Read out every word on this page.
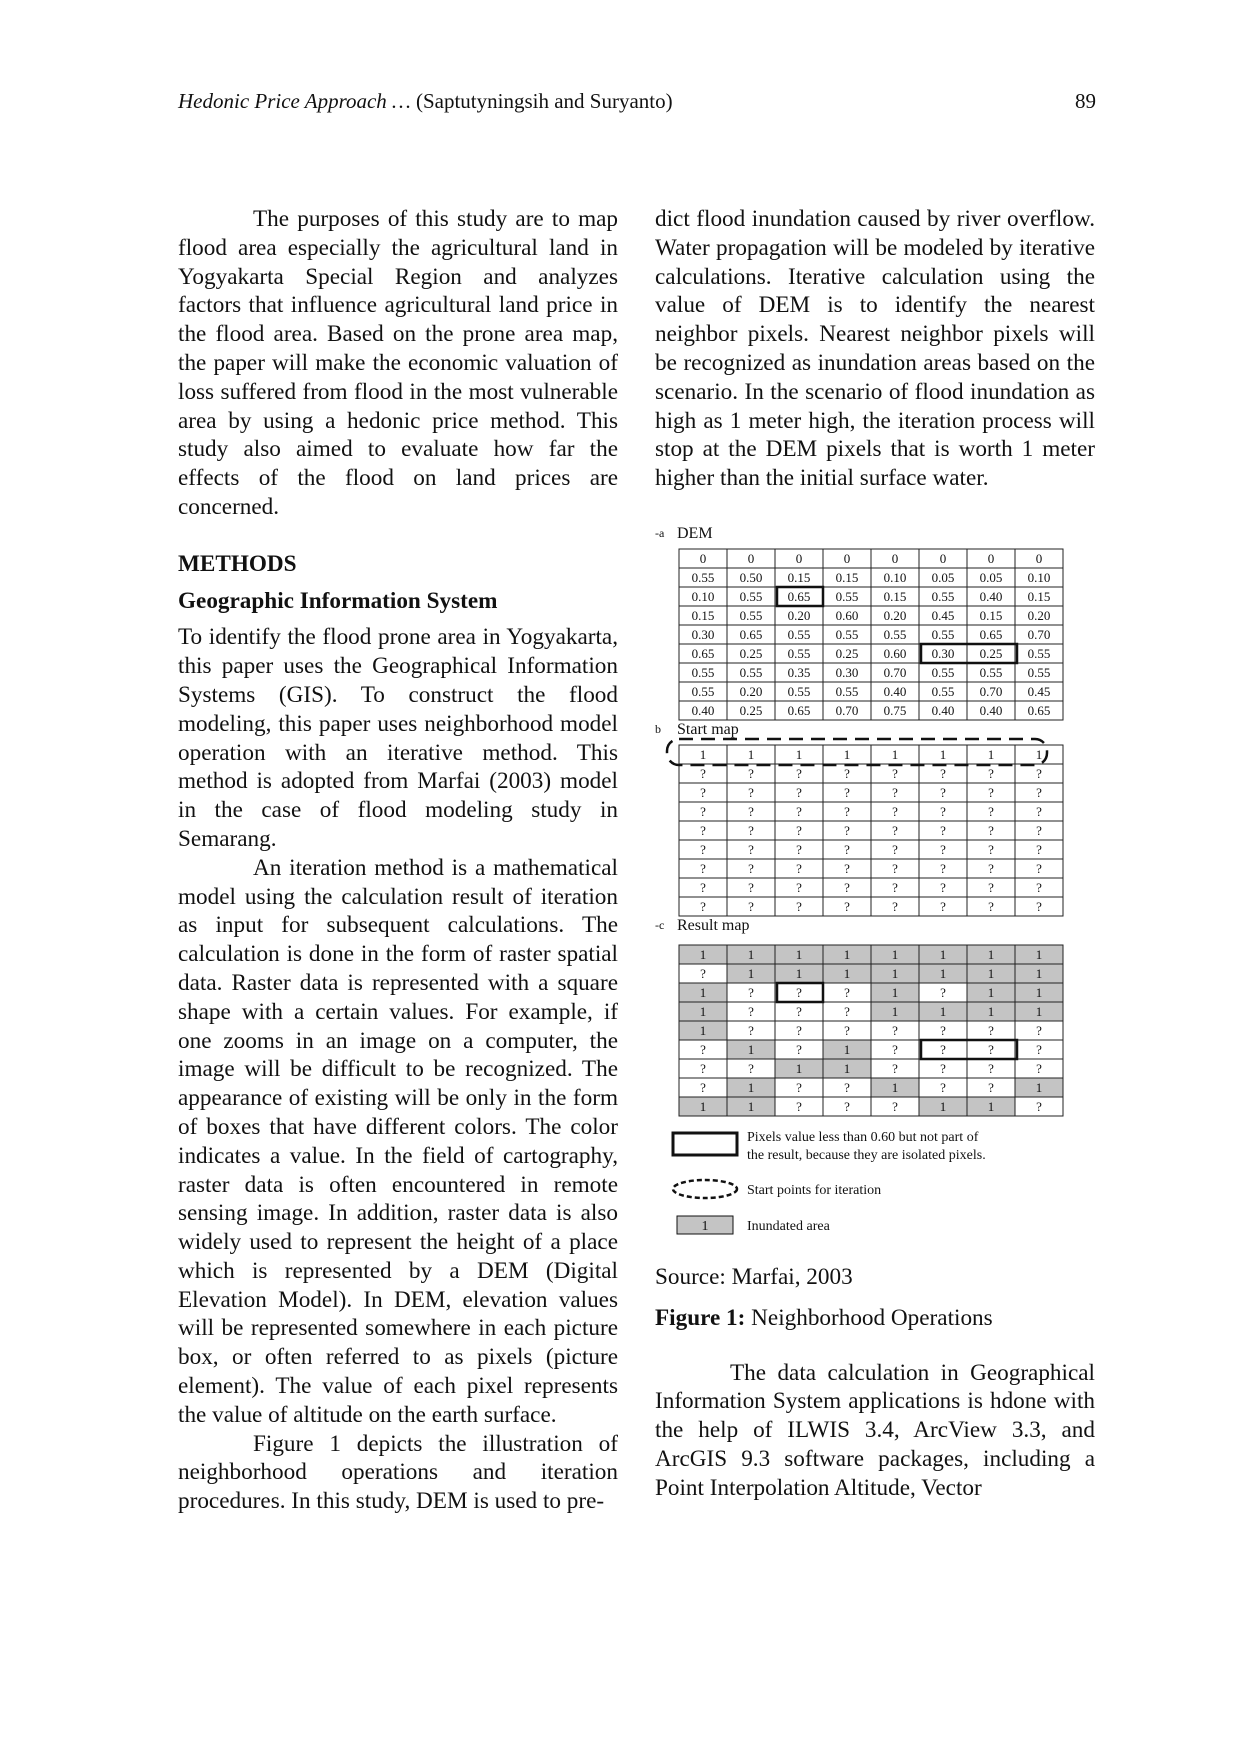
Hedonic Price Approach … (Saptutyningsih and Suryanto)	89

The purposes of this study are to map flood area especially the agricultural land in Yogyakarta Special Region and analyzes factors that influence agricultural land price in the flood area. Based on the prone area map, the paper will make the economic valuation of loss suffered from flood in the most vulnerable area by using a hedonic price method. This study also aimed to evaluate how far the effects of the flood on land prices are concerned.

METHODS
Geographic Information System

To identify the flood prone area in Yogyakarta, this paper uses the Geographical Information Systems (GIS). To construct the flood modeling, this paper uses neighborhood model operation with an iterative method. This method is adopted from Marfai (2003) model in the case of flood modeling study in Semarang.

An iteration method is a mathematical model using the calculation result of iteration as input for subsequent calculations. The calculation is done in the form of raster spatial data. Raster data is represented with a square shape with a certain values. For example, if one zooms in an image on a computer, the image will be difficult to be recognized. The appearance of existing will be only in the form of boxes that have different colors. The color indicates a value. In the field of cartography, raster data is often encountered in remote sensing image. In addition, raster data is also widely used to represent the height of a place which is represented by a DEM (Digital Elevation Model). In DEM, elevation values will be represented somewhere in each picture box, or often referred to as pixels (picture element). The value of each pixel represents the value of altitude on the earth surface.

Figure 1 depicts the illustration of neighborhood operations and iteration procedures. In this study, DEM is used to pre-

dict flood inundation caused by river overflow. Water propagation will be modeled by iterative calculations. Iterative calculation using the value of DEM is to identify the nearest neighbor pixels. Nearest neighbor pixels will be recognized as inundation areas based on the scenario. In the scenario of flood inundation as high as 1 meter high, the iteration process will stop at the DEM pixels that is worth 1 meter higher than the initial surface water.

-a DEM
b Start map
-c Result map
0	0	0	0	0	0	0	0
0.55 0.50 0.15 0.15 0.10 0.05 0.05 0.10
0.10 0.55 0.65 0.55 0.15 0.55 0.40 0.15
0.15 0.55 0.20 0.60 0.20 0.45 0.15 0.20
0.30 0.65 0.55 0.55 0.55 0.55 0.65 0.70
0.65 0.25 0.55 0.25 0.60 0.30 0.25 0.55
0.55 0.55 0.35 0.30 0.70 0.55 0.55 0.55
0.55 0.20 0.55 0.55 0.40 0.55 0.70 0.45
0.40 0.25 0.65 0.70 0.75 0.40 0.40 0.65
1	1	1	1	1	1	1	1
?	?	?	?	?	?	?	?
?	?	?	?	?	?	?	?
?	?	?	?	?	?	?	?
?	?	?	?	?	?	?	?
?	?	?	?	?	?	?	?
?	?	?	?	?	?	?	?
?	?	?	?	?	?	?	?
?	?	?	?	?	?	?	?
1	1	1	1	1	1	1	1
?	1	1	1	1	1	1	1
1	?	?	?	1	?	1	1
1	?	?	?	1	1	1	1
1	?	?	?	?	?	?	?
?	1	?	1	?	?	?	?
?	?	1	1	?	?	?	?
?	1	?	?	1	?	?	1
1	1	?	?	?	1	1	?
Pixels value less than 0.60 but not part of
the result, because they are isolated pixels.
Start points for iteration
1	Inundated area

Source: Marfai, 2003

Figure 1: Neighborhood Operations

The data calculation in Geographical Information System applications is hdone with the help of ILWIS 3.4, ArcView 3.3, and ArcGIS 9.3 software packages, including a Point Interpolation Altitude, Vector
